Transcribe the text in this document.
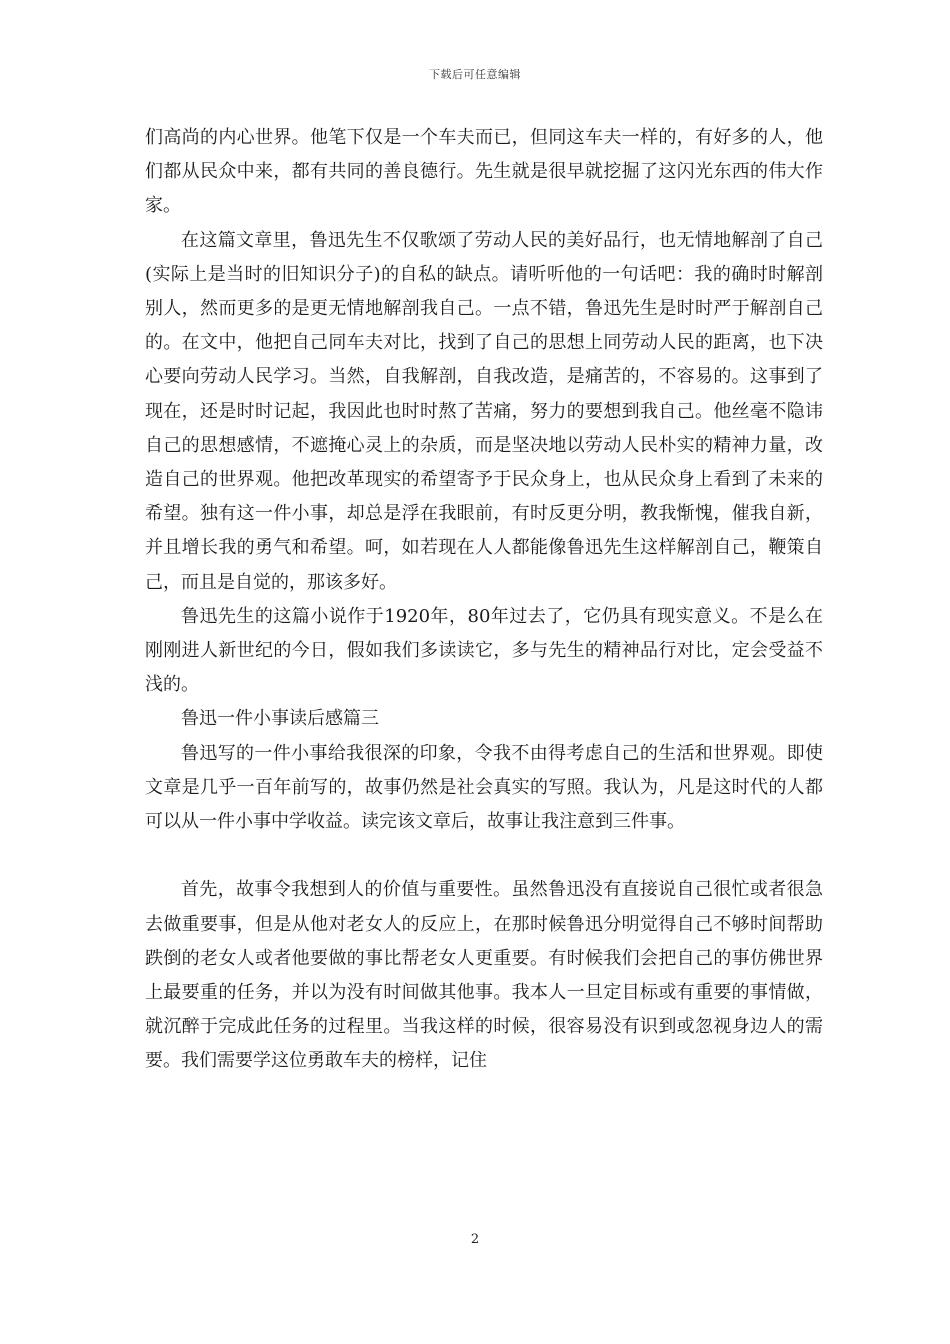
下载后可任意编辑

们高尚的内心世界。他笔下仅是一个车夫而已，但同这车夫一样的，有好多的人，他们都从民众中来，都有共同的善良德行。先生就是很早就挖掘了这闪光东西的伟大作家。

在这篇文章里，鲁迅先生不仅歌颂了劳动人民的美好品行，也无情地解剖了自己(实际上是当时的旧知识分子)的自私的缺点。请听听他的一句话吧：我的确时时解剖别人，然而更多的是更无情地解剖我自己。一点不错，鲁迅先生是时时严于解剖自己的。在文中，他把自己同车夫对比，找到了自己的思想上同劳动人民的距离，也下决心要向劳动人民学习。当然，自我解剖，自我改造，是痛苦的，不容易的。这事到了现在，还是时时记起，我因此也时时熬了苦痛，努力的要想到我自己。他丝毫不隐讳自己的思想感情，不遮掩心灵上的杂质，而是坚决地以劳动人民朴实的精神力量，改造自己的世界观。他把改革现实的希望寄予于民众身上，也从民众身上看到了未来的希望。独有这一件小事，却总是浮在我眼前，有时反更分明，教我惭愧，催我自新，并且增长我的勇气和希望。呵，如若现在人人都能像鲁迅先生这样解剖自己，鞭策自己，而且是自觉的，那该多好。

鲁迅先生的这篇小说作于1920年，80年过去了，它仍具有现实意义。不是么在刚刚进人新世纪的今日，假如我们多读读它，多与先生的精神品行对比，定会受益不浅的。

鲁迅一件小事读后感篇三

鲁迅写的一件小事给我很深的印象，令我不由得考虑自己的生活和世界观。即使文章是几乎一百年前写的，故事仍然是社会真实的写照。我认为，凡是这时代的人都可以从一件小事中学收益。读完该文章后，故事让我注意到三件事。

首先，故事令我想到人的价值与重要性。虽然鲁迅没有直接说自己很忙或者很急去做重要事，但是从他对老女人的反应上，在那时候鲁迅分明觉得自己不够时间帮助跌倒的老女人或者他要做的事比帮老女人更重要。有时候我们会把自己的事仿佛世界上最要重的任务，并以为没有时间做其他事。我本人一旦定目标或有重要的事情做，就沉醉于完成此任务的过程里。当我这样的时候，很容易没有识到或忽视身边人的需要。我们需要学这位勇敢车夫的榜样，记住

2
